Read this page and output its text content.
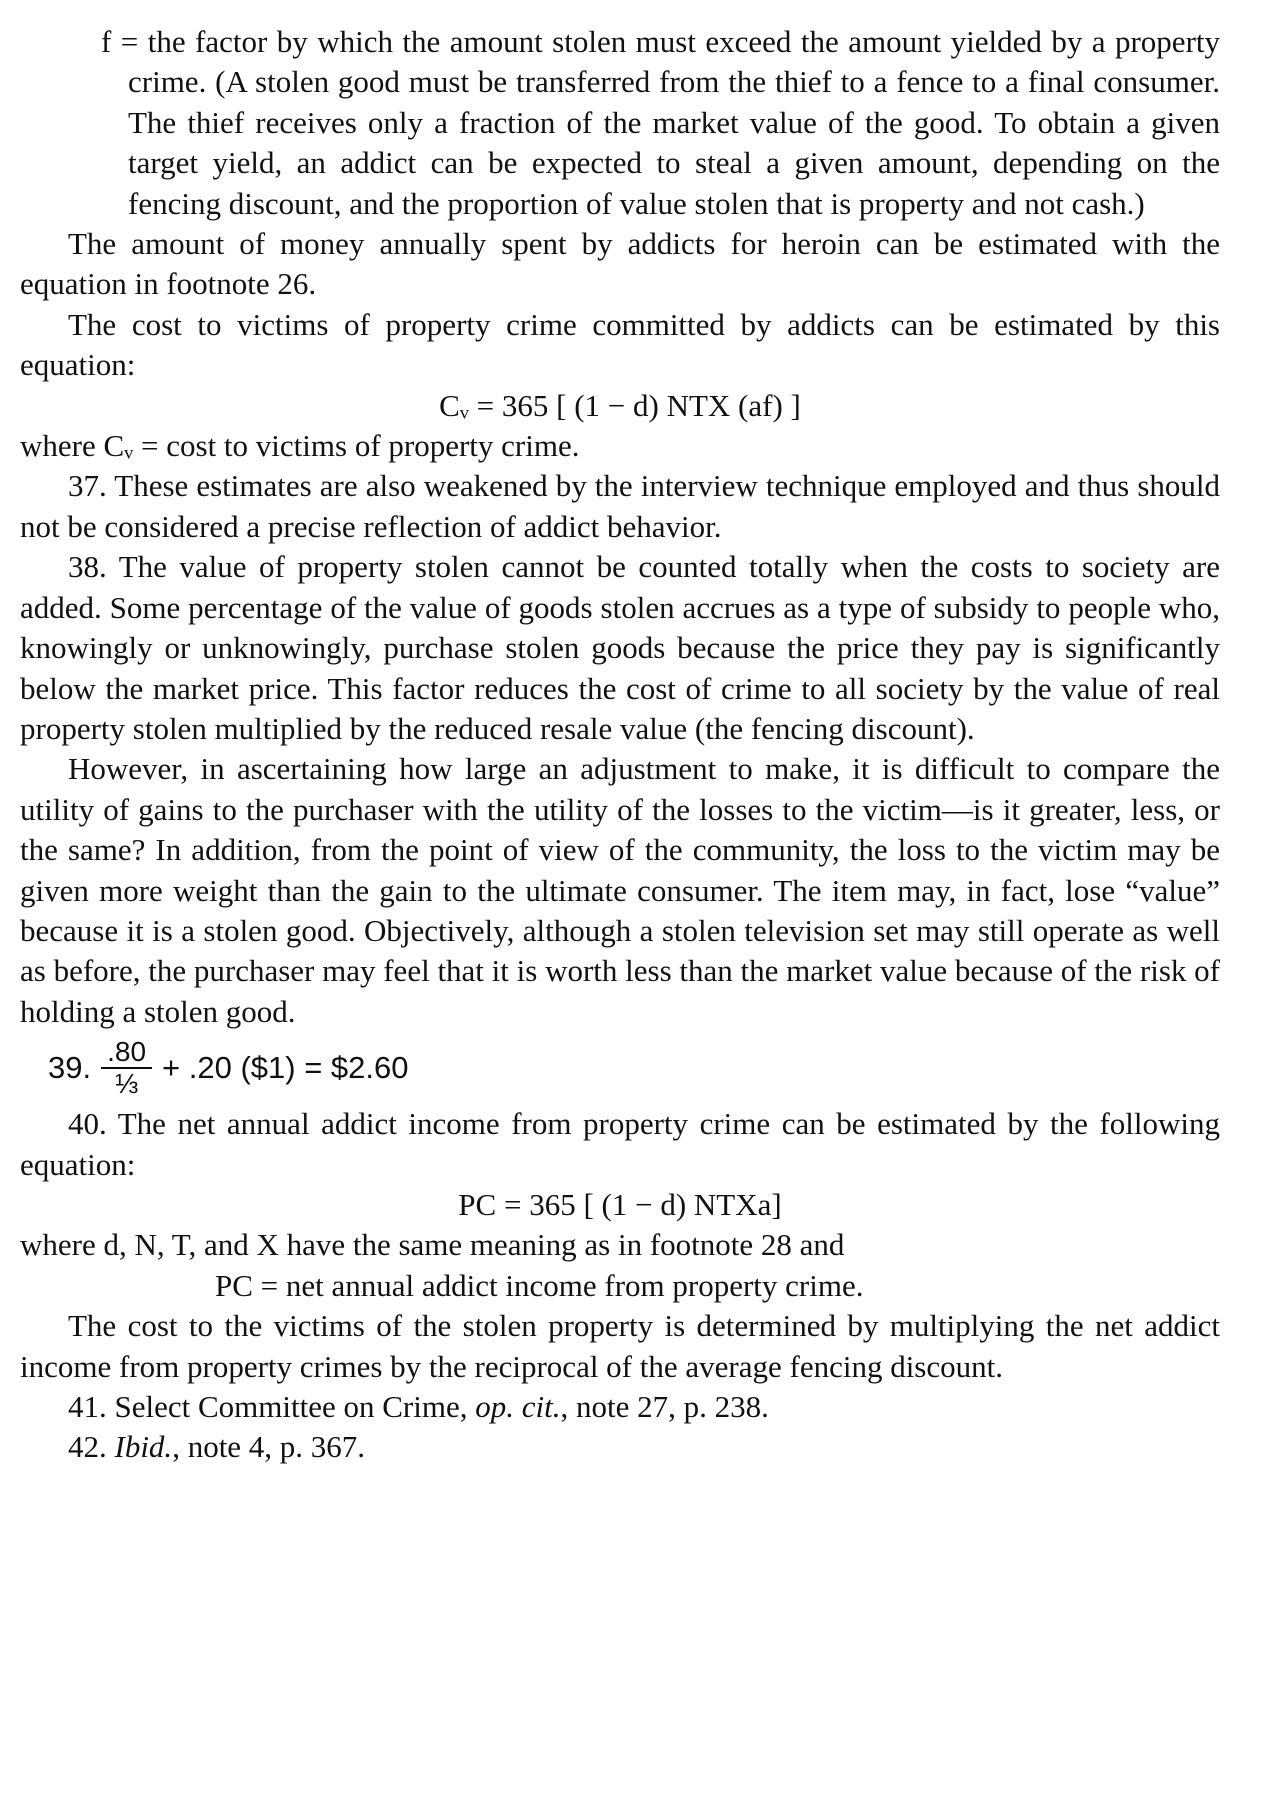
f = the factor by which the amount stolen must exceed the amount yielded by a property crime. (A stolen good must be transferred from the thief to a fence to a final consumer. The thief receives only a fraction of the market value of the good. To obtain a given target yield, an addict can be expected to steal a given amount, depending on the fencing discount, and the proportion of value stolen that is property and not cash.)

The amount of money annually spent by addicts for heroin can be estimated with the equation in footnote 26.

The cost to victims of property crime committed by addicts can be estimated by this equation:

Cᵥ = 365 [ (1 − d) NTX (af) ]

where Cᵥ = cost to victims of property crime.

37. These estimates are also weakened by the interview technique employed and thus should not be considered a precise reflection of addict behavior.

38. The value of property stolen cannot be counted totally when the costs to society are added. Some percentage of the value of goods stolen accrues as a type of subsidy to people who, knowingly or unknowingly, purchase stolen goods because the price they pay is significantly below the market price. This factor reduces the cost of crime to all society by the value of real property stolen multiplied by the reduced resale value (the fencing discount).

However, in ascertaining how large an adjustment to make, it is difficult to compare the utility of gains to the purchaser with the utility of the losses to the victim—is it greater, less, or the same? In addition, from the point of view of the community, the loss to the victim may be given more weight than the gain to the ultimate consumer. The item may, in fact, lose “value” because it is a stolen good. Objectively, although a stolen television set may still operate as well as before, the purchaser may feel that it is worth less than the market value because of the risk of holding a stolen good.

39. $\frac{.80}{\text{⅓}} + .20$ ($1) = $2.60

40. The net annual addict income from property crime can be estimated by the following equation:

PC = 365 [ (1 − d) NTXa]

where d, N, T, and X have the same meaning as in footnote 28 and

PC = net annual addict income from property crime.

The cost to the victims of the stolen property is determined by multiplying the net addict income from property crimes by the reciprocal of the average fencing discount.

41. Select Committee on Crime, op. cit., note 27, p. 238.

42. Ibid., note 4, p. 367.
